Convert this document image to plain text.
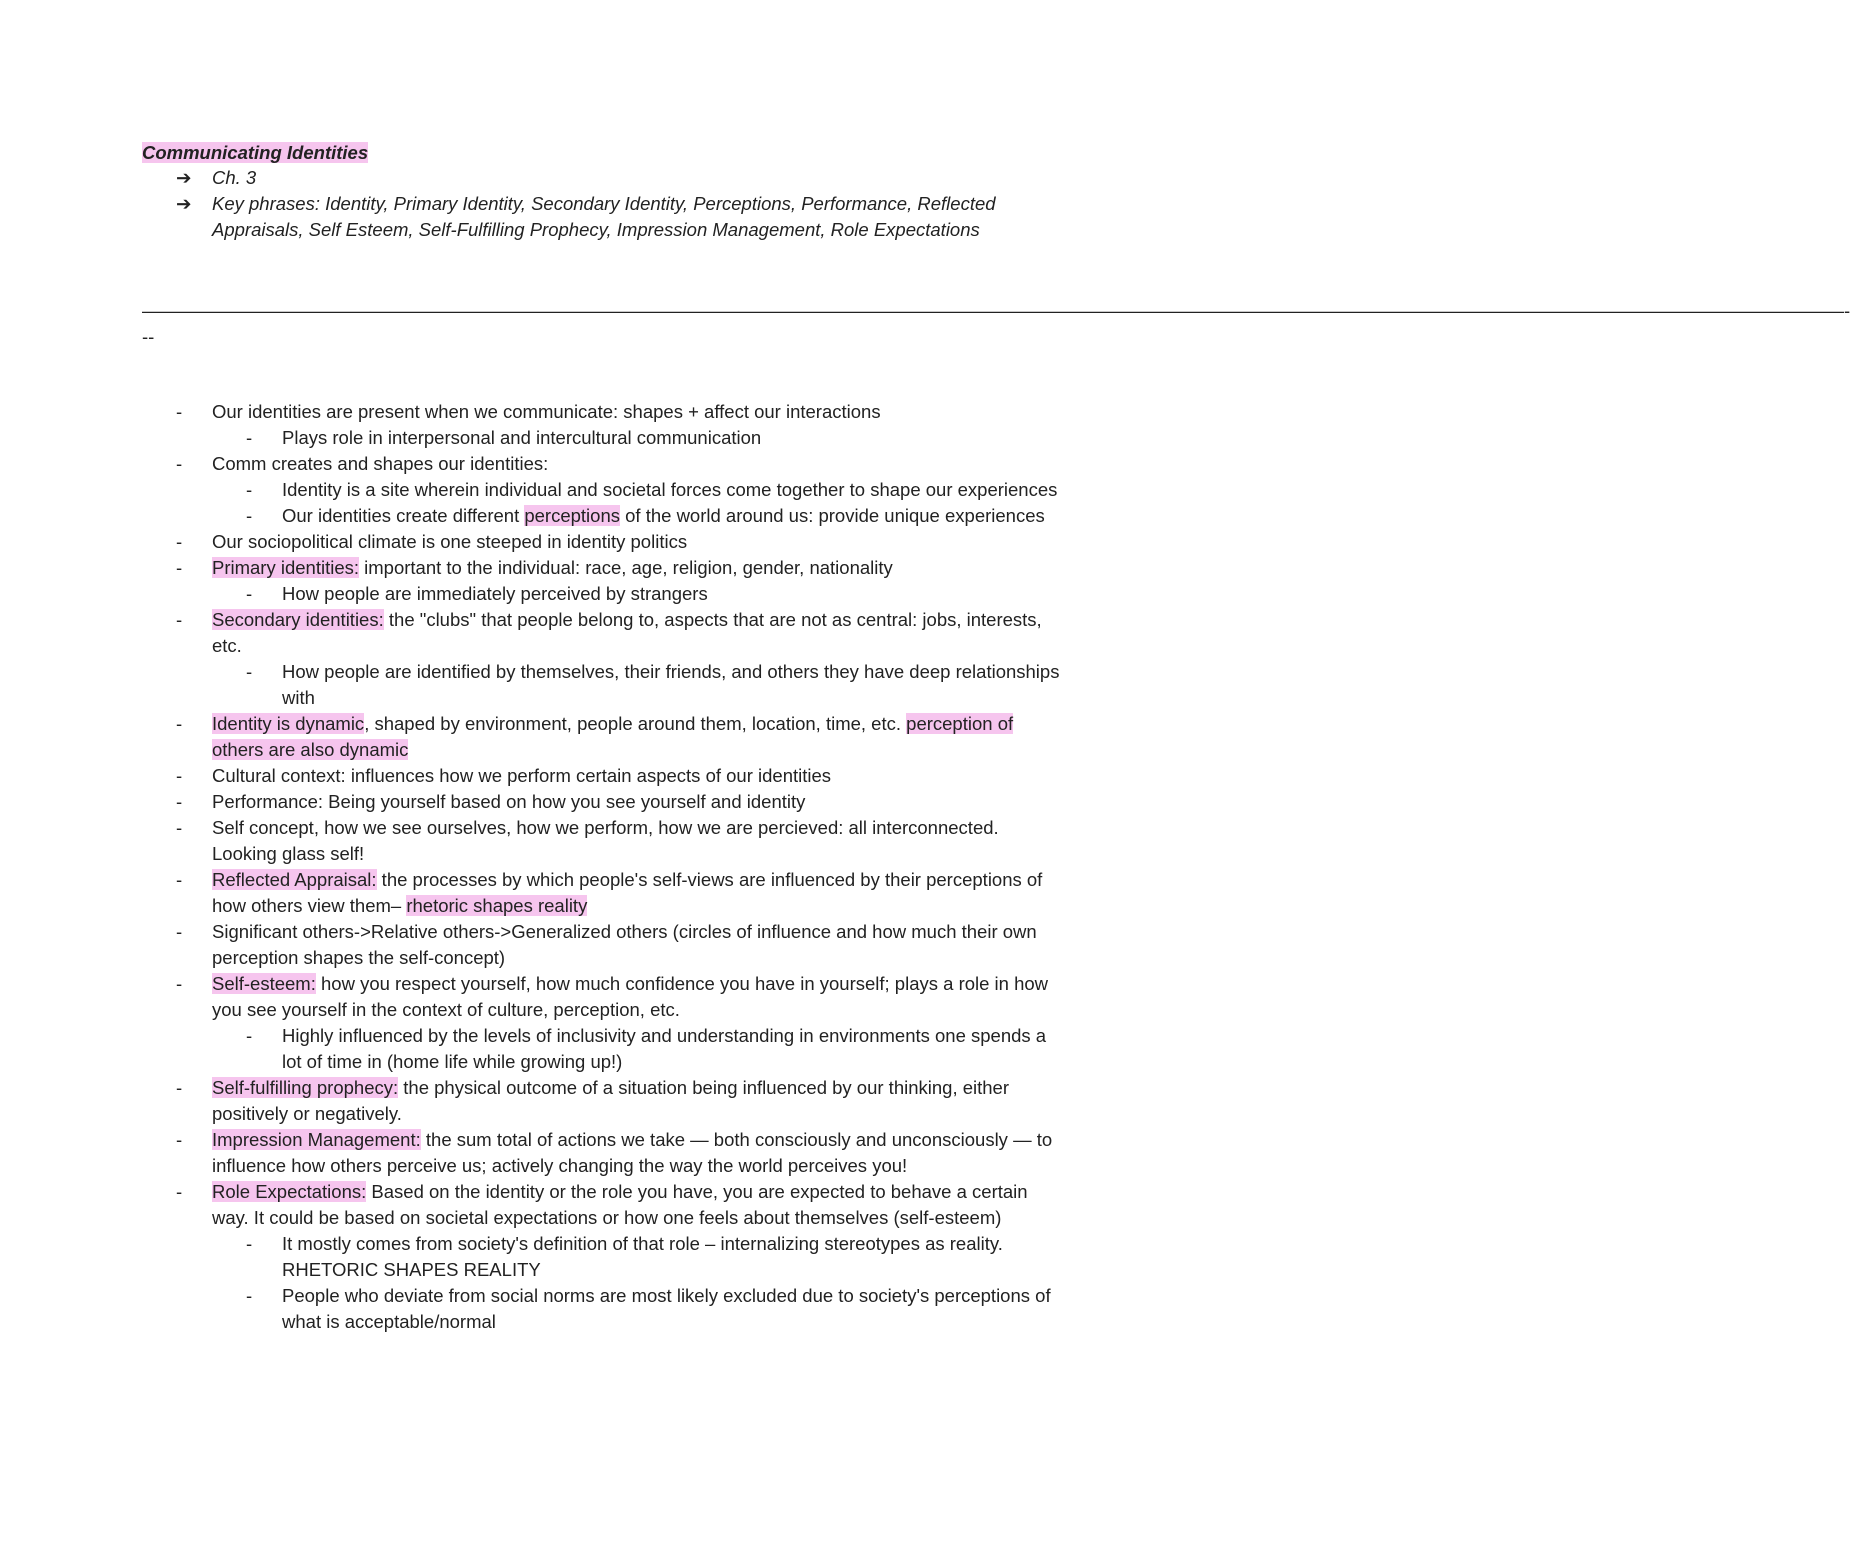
Communicating Identities
➔ Ch. 3
➔ Key phrases: Identity, Primary Identity, Secondary Identity, Perceptions, Performance, Reflected Appraisals, Self Esteem, Self-Fulfilling Prophecy, Impression Management, Role Expectations
————————————————————————————————————————————————————————————————————————————————————————————---
- Our identities are present when we communicate: shapes + affect our interactions
- Plays role in interpersonal and intercultural communication
- Comm creates and shapes our identities:
- Identity is a site wherein individual and societal forces come together to shape our experiences
- Our identities create different perceptions of the world around us: provide unique experiences
- Our sociopolitical climate is one steeped in identity politics
- Primary identities: important to the individual: race, age, religion, gender, nationality
- How people are immediately perceived by strangers
- Secondary identities: the "clubs" that people belong to, aspects that are not as central: jobs, interests, etc.
- How people are identified by themselves, their friends, and others they have deep relationships with
- Identity is dynamic, shaped by environment, people around them, location, time, etc. perception of others are also dynamic
- Cultural context: influences how we perform certain aspects of our identities
- Performance: Being yourself based on how you see yourself and identity
- Self concept, how we see ourselves, how we perform, how we are percieved: all interconnected. Looking glass self!
- Reflected Appraisal: the processes by which people's self-views are influenced by their perceptions of how others view them– rhetoric shapes reality
- Significant others->Relative others->Generalized others (circles of influence and how much their own perception shapes the self-concept)
- Self-esteem: how you respect yourself, how much confidence you have in yourself; plays a role in how you see yourself in the context of culture, perception, etc.
- Highly influenced by the levels of inclusivity and understanding in environments one spends a lot of time in (home life while growing up!)
- Self-fulfilling prophecy: the physical outcome of a situation being influenced by our thinking, either positively or negatively.
- Impression Management: the sum total of actions we take — both consciously and unconsciously — to influence how others perceive us; actively changing the way the world perceives you!
- Role Expectations: Based on the identity or the role you have, you are expected to behave a certain way. It could be based on societal expectations or how one feels about themselves (self-esteem)
- It mostly comes from society's definition of that role – internalizing stereotypes as reality. RHETORIC SHAPES REALITY
- People who deviate from social norms are most likely excluded due to society's perceptions of what is acceptable/normal
